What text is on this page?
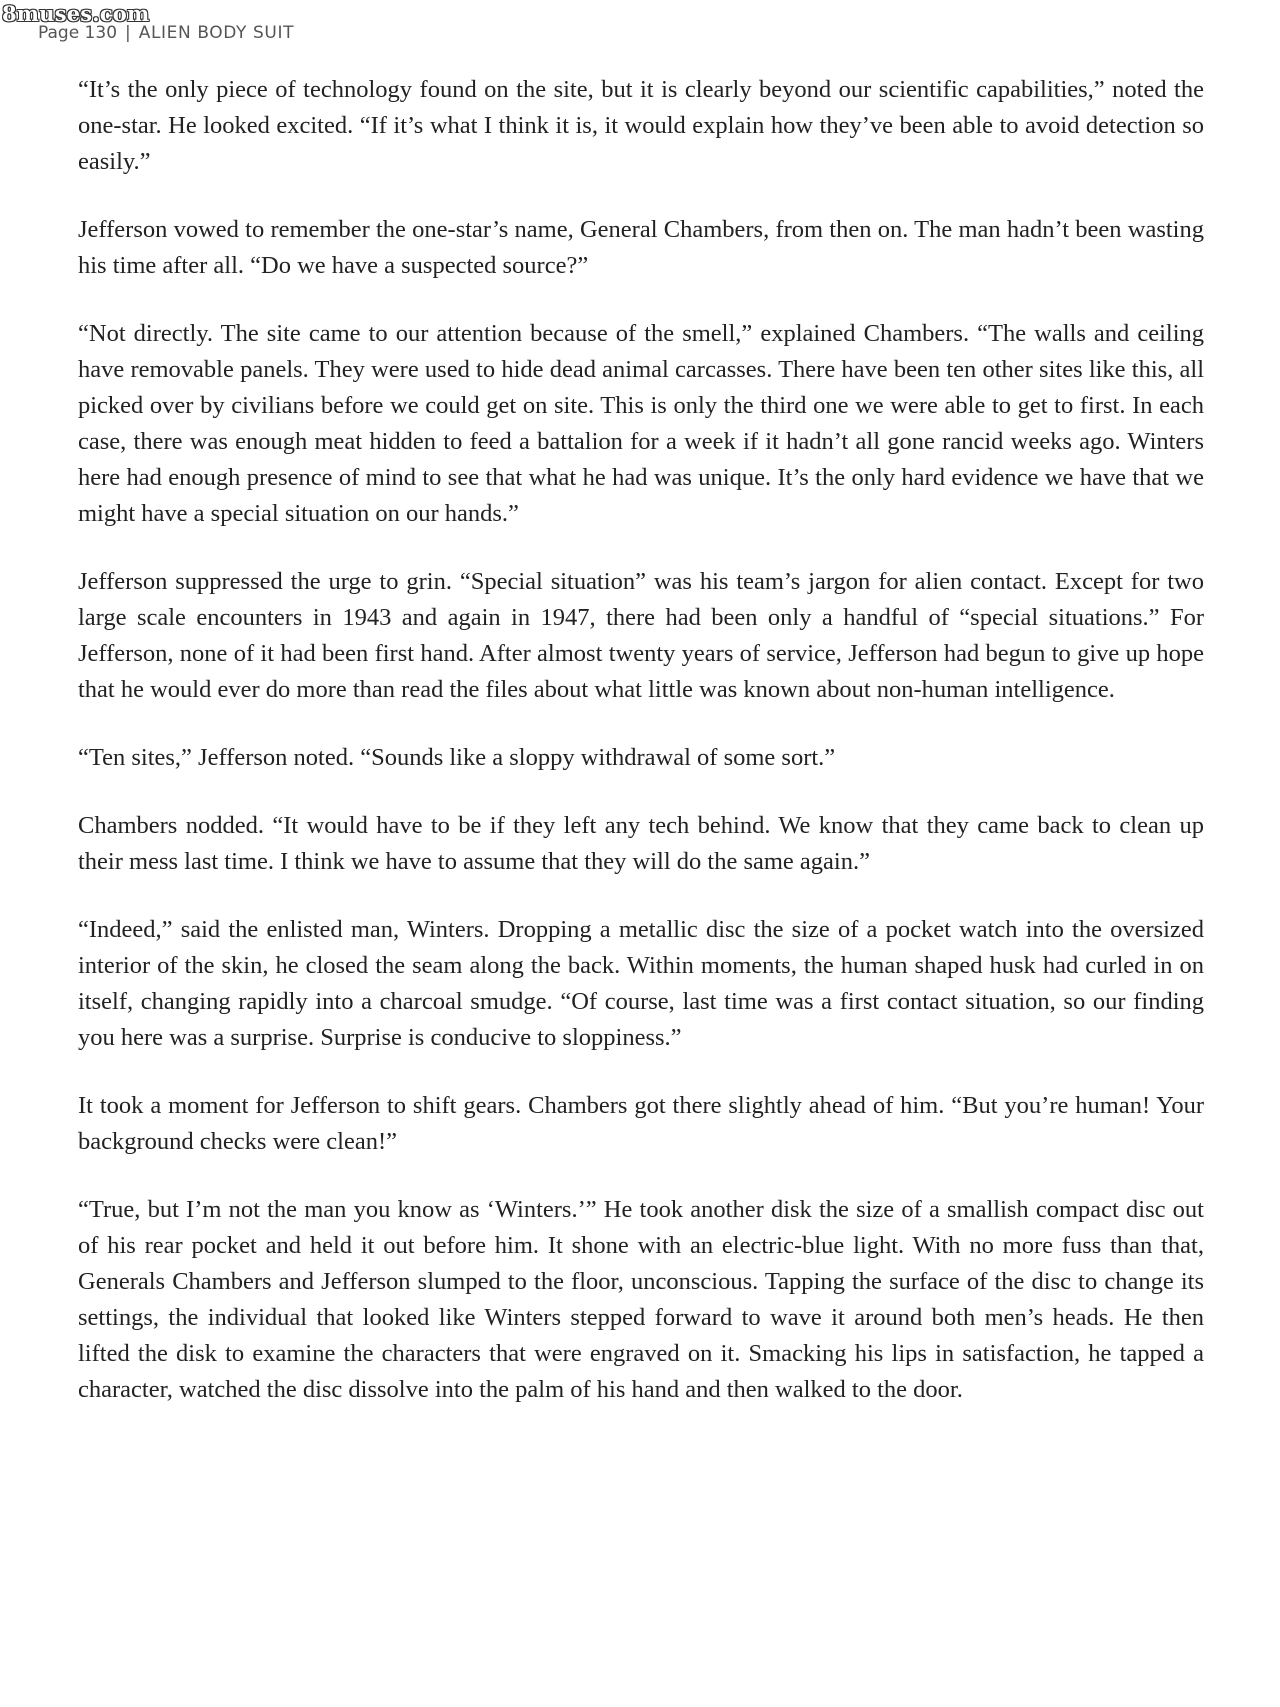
8muses.com
Page 130 | ALIEN BODY SUIT

“It’s the only piece of technology found on the site, but it is clearly beyond our scientific capabilities,” noted the one-star. He looked excited. “If it’s what I think it is, it would explain how they’ve been able to avoid detection so easily.”

Jefferson vowed to remember the one-star’s name, General Chambers, from then on. The man hadn’t been wasting his time after all. “Do we have a suspected source?”

“Not directly. The site came to our attention because of the smell,” explained Chambers. “The walls and ceiling have removable panels. They were used to hide dead animal carcasses. There have been ten other sites like this, all picked over by civilians before we could get on site. This is only the third one we were able to get to first. In each case, there was enough meat hidden to feed a battalion for a week if it hadn’t all gone rancid weeks ago. Winters here had enough presence of mind to see that what he had was unique. It’s the only hard evidence we have that we might have a special situation on our hands.”

Jefferson suppressed the urge to grin. “Special situation” was his team’s jargon for alien contact. Except for two large scale encounters in 1943 and again in 1947, there had been only a handful of “special situations.” For Jefferson, none of it had been first hand. After almost twenty years of service, Jefferson had begun to give up hope that he would ever do more than read the files about what little was known about non-human intelligence.

“Ten sites,” Jefferson noted. “Sounds like a sloppy withdrawal of some sort.”

Chambers nodded. “It would have to be if they left any tech behind. We know that they came back to clean up their mess last time. I think we have to assume that they will do the same again.”

“Indeed,” said the enlisted man, Winters. Dropping a metallic disc the size of a pocket watch into the oversized interior of the skin, he closed the seam along the back. Within moments, the human shaped husk had curled in on itself, changing rapidly into a charcoal smudge. “Of course, last time was a first contact situation, so our finding you here was a surprise. Surprise is conducive to sloppiness.”

It took a moment for Jefferson to shift gears. Chambers got there slightly ahead of him. “But you’re human! Your background checks were clean!”

“True, but I’m not the man you know as ‘Winters.’” He took another disk the size of a smallish compact disc out of his rear pocket and held it out before him. It shone with an electric-blue light. With no more fuss than that, Generals Chambers and Jefferson slumped to the floor, unconscious. Tapping the surface of the disc to change its settings, the individual that looked like Winters stepped forward to wave it around both men’s heads. He then lifted the disk to examine the characters that were engraved on it. Smacking his lips in satisfaction, he tapped a character, watched the disc dissolve into the palm of his hand and then walked to the door.
